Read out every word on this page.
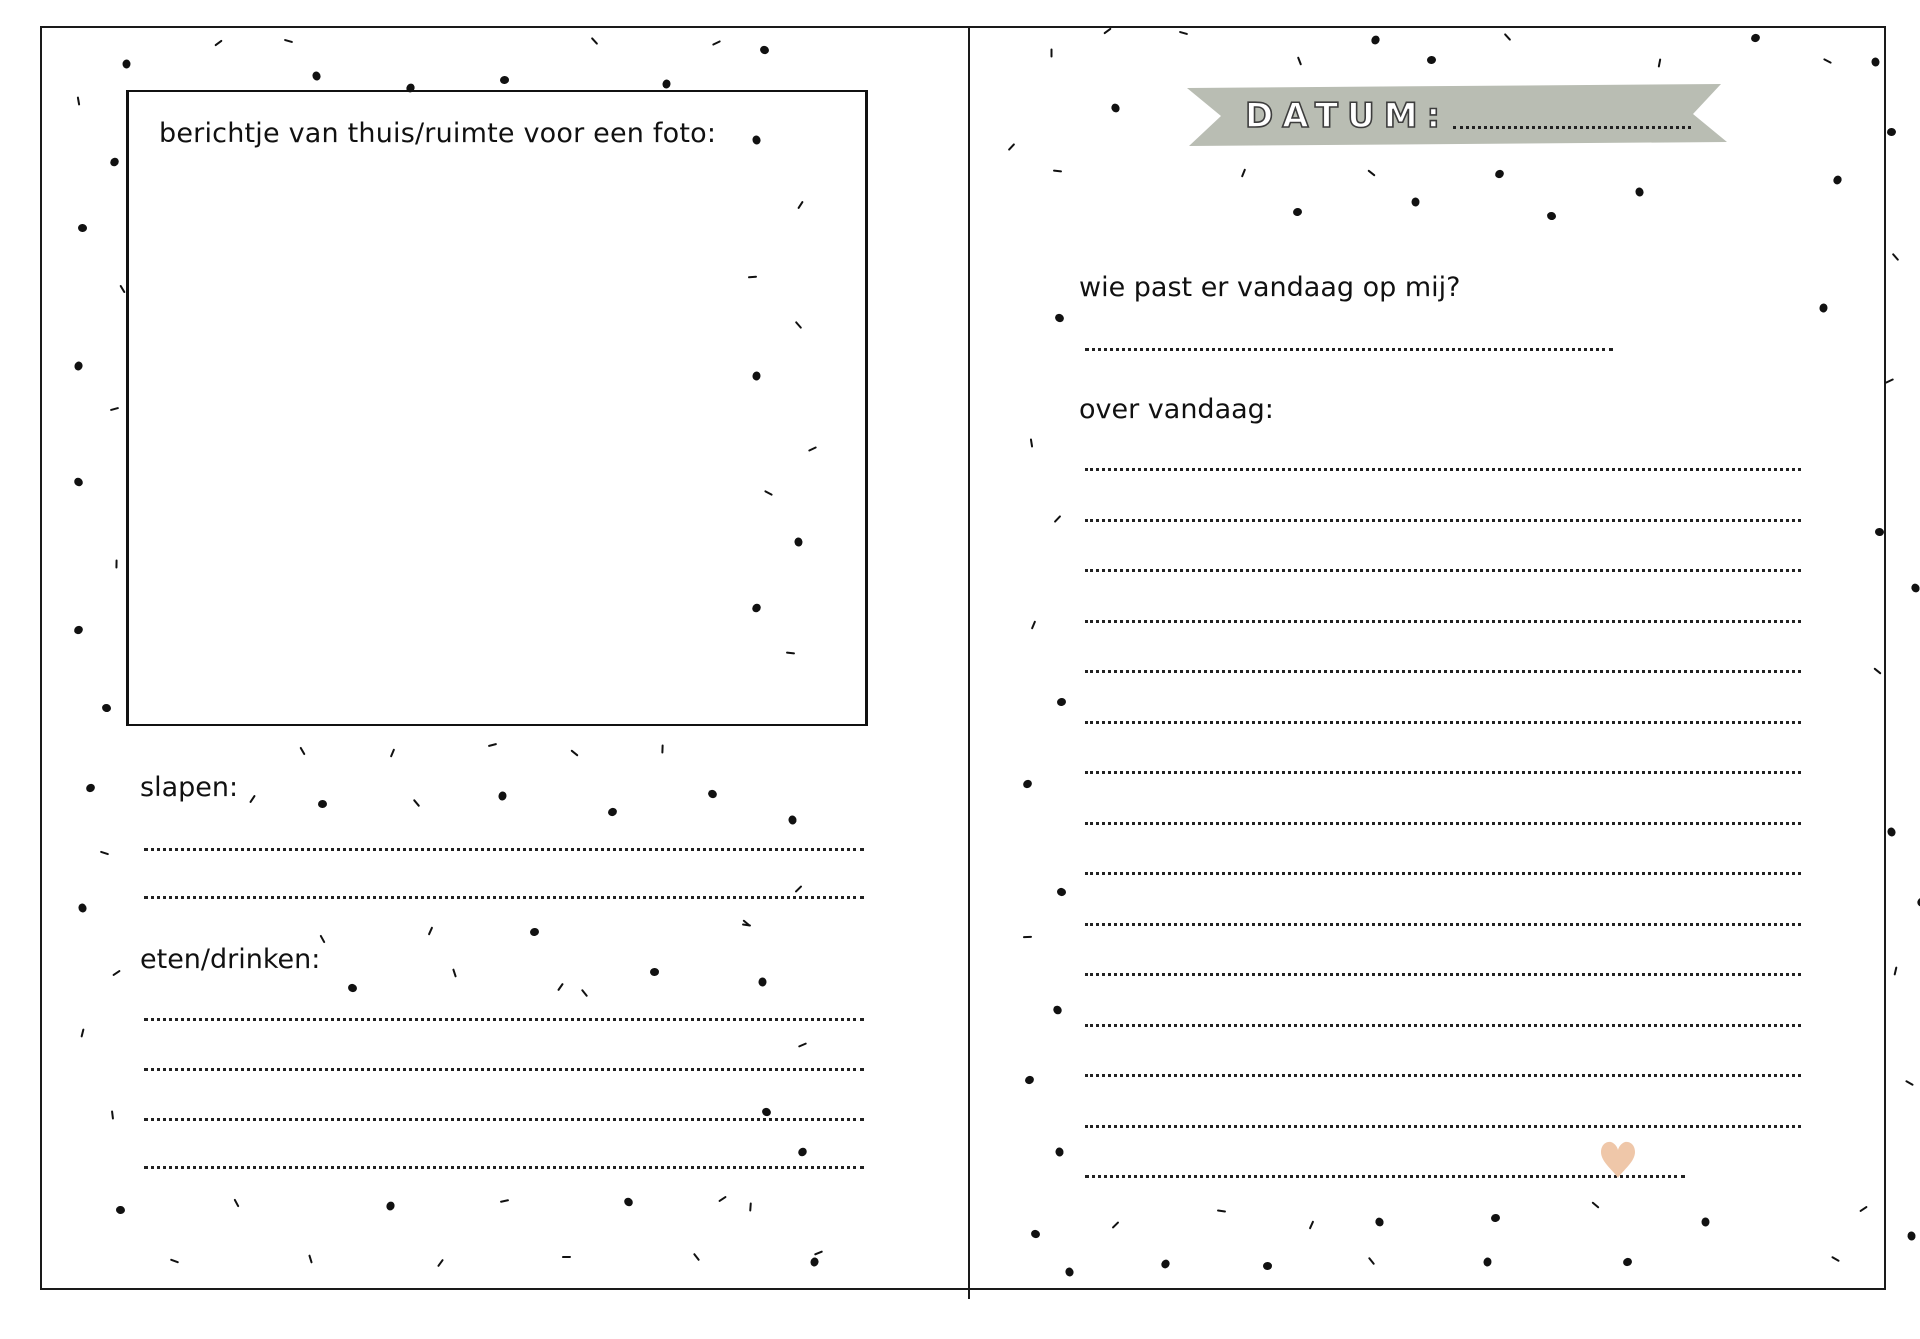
berichtje van thuis/ruimte voor een foto:
slapen:
eten/drinken:
DATUM:
wie past er vandaag op mij?
over vandaag:
